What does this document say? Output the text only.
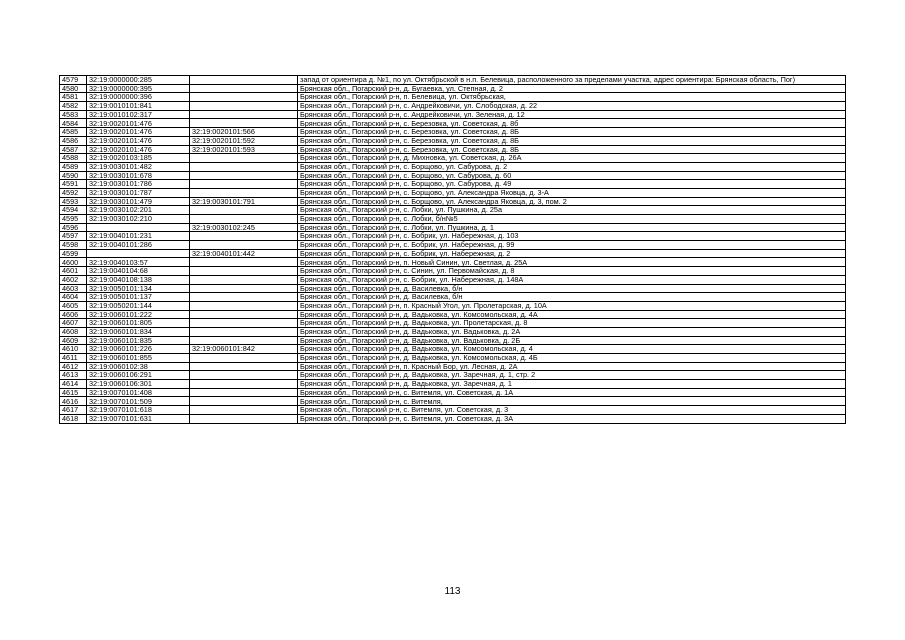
4579	32:19:0000000:285		запад от ориентира д. №1, по ул. Октябрьской в н.п. Белевица, расположенного за пределами участка, адрес ориентира: Брянская область, Пог)
4580	32:19:0000000:395		Брянская обл., Погарский р-н, д. Бугаевка, ул. Степная, д. 2
4581	32:19:0000000:396		Брянская обл., Погарский р-н, п. Белевица, ул. Октябрьская,
4582	32:19:0010101:841		Брянская обл., Погарский р-н, с. Андрейковичи, ул. Слободская, д. 22
4583	32:19:0010102:317		Брянская обл., Погарский р-н, с. Андрейковичи, ул. Зеленая, д. 12
4584	32:19:0020101:476		Брянская обл., Погарский р-н, с. Березовка, ул. Советская, д. 8б
4585	32:19:0020101:476	32:19:0020101:566	Брянская обл., Погарский р-н, с. Березовка, ул. Советская, д. 8Б
4586	32:19:0020101:476	32:19:0020101:592	Брянская обл., Погарский р-н, с. Березовка, ул. Советская, д. 8Б
4587	32:19:0020101:476	32:19:0020101:593	Брянская обл., Погарский р-н, с. Березовка, ул. Советская, д. 8Б
4588	32:19:0020103:185		Брянская обл., Погарский р-н, д. Михновка, ул. Советская, д. 26А
4589	32:19:0030101:482		Брянская обл., Погарский р-н, с. Борщово, ул. Сабурова, д. 2
4590	32:19:0030101:678		Брянская обл., Погарский р-н, с. Борщово, ул. Сабурова, д. 60
4591	32:19:0030101:786		Брянская обл., Погарский р-н, с. Борщово, ул. Сабурова, д. 49
4592	32:19:0030101:787		Брянская обл., Погарский р-н, с. Борщово, ул. Александра Яковца, д. 3-А
4593	32:19:0030101:479	32:19:0030101:791	Брянская обл., Погарский р-н, с. Борщово, ул. Александра Яковца, д. 3, пом. 2
4594	32:19:0030102:201		Брянская обл., Погарский р-н, с. Лобки, ул. Пушкина, д. 25а
4595	32:19:0030102:210		Брянская обл., Погарский р-н, с. Лобки, б/н№5
4596		32:19:0030102:245	Брянская обл., Погарский р-н, с. Лобки, ул. Пушкина, д. 1
4597	32:19:0040101:231		Брянская обл., Погарский р-н, с. Бобрик, ул. Набережная, д. 103
4598	32:19:0040101:286		Брянская обл., Погарский р-н, с. Бобрик, ул. Набережная, д. 99
4599		32:19:0040101:442	Брянская обл., Погарский р-н, с. Бобрик, ул. Набережная, д. 2
4600	32:19:0040103:57		Брянская обл., Погарский р-н, п. Новый Синин, ул. Светлая, д. 25А
4601	32:19:0040104:68		Брянская обл., Погарский р-н, с. Синин, ул. Первомайская, д. 8
4602	32:19:0040108:138		Брянская обл., Погарский р-н, с. Бобрик, ул. Набережная, д. 148А
4603	32:19:0050101:134		Брянская обл., Погарский р-н, д. Василевка, б/н
4604	32:19:0050101:137		Брянская обл., Погарский р-н, д. Василевка, б/н
4605	32:19:0050201:144		Брянская обл., Погарский р-н, п. Красный Угол, ул. Пролетарская, д. 10А
4606	32:19:0060101:222		Брянская обл., Погарский р-н, д. Вадьковка, ул. Комсомольская, д. 4А
4607	32:19:0060101:805		Брянская обл., Погарский р-н, д. Вадьковка, ул. Пролетарская, д. 8
4608	32:19:0060101:834		Брянская обл., Погарский р-н, д. Вадьковка, ул. Вадьковка, д. 2А
4609	32:19:0060101:835		Брянская обл., Погарский р-н, д. Вадьковка, ул. Вадьковка, д. 2Б
4610	32:19:0060101:226	32:19:0060101:842	Брянская обл., Погарский р-н, д. Вадьковка, ул. Комсомольская, д. 4
4611	32:19:0060101:855		Брянская обл., Погарский р-н, д. Вадьковка, ул. Комсомольская, д. 4Б
4612	32:19:0060102:38		Брянская обл., Погарский р-н, п. Красный Бор, ул. Лесная, д. 2А
4613	32:19:0060106:291		Брянская обл., Погарский р-н, д. Вадьковка, ул. Заречная, д. 1, стр. 2
4614	32:19:0060106:301		Брянская обл., Погарский р-н, д. Вадьковка, ул. Заречная, д. 1
4615	32:19:0070101:408		Брянская обл., Погарский р-н, с. Витемля, ул. Советская, д. 1А
4616	32:19:0070101:509		Брянская обл., Погарский р-н, с. Витемля,
4617	32:19:0070101:618		Брянская обл., Погарский р-н, с. Витемля, ул. Советская, д. 3
4618	32:19:0070101:631		Брянская обл., Погарский р-н, с. Витемля, ул. Советская, д. 3А
113
